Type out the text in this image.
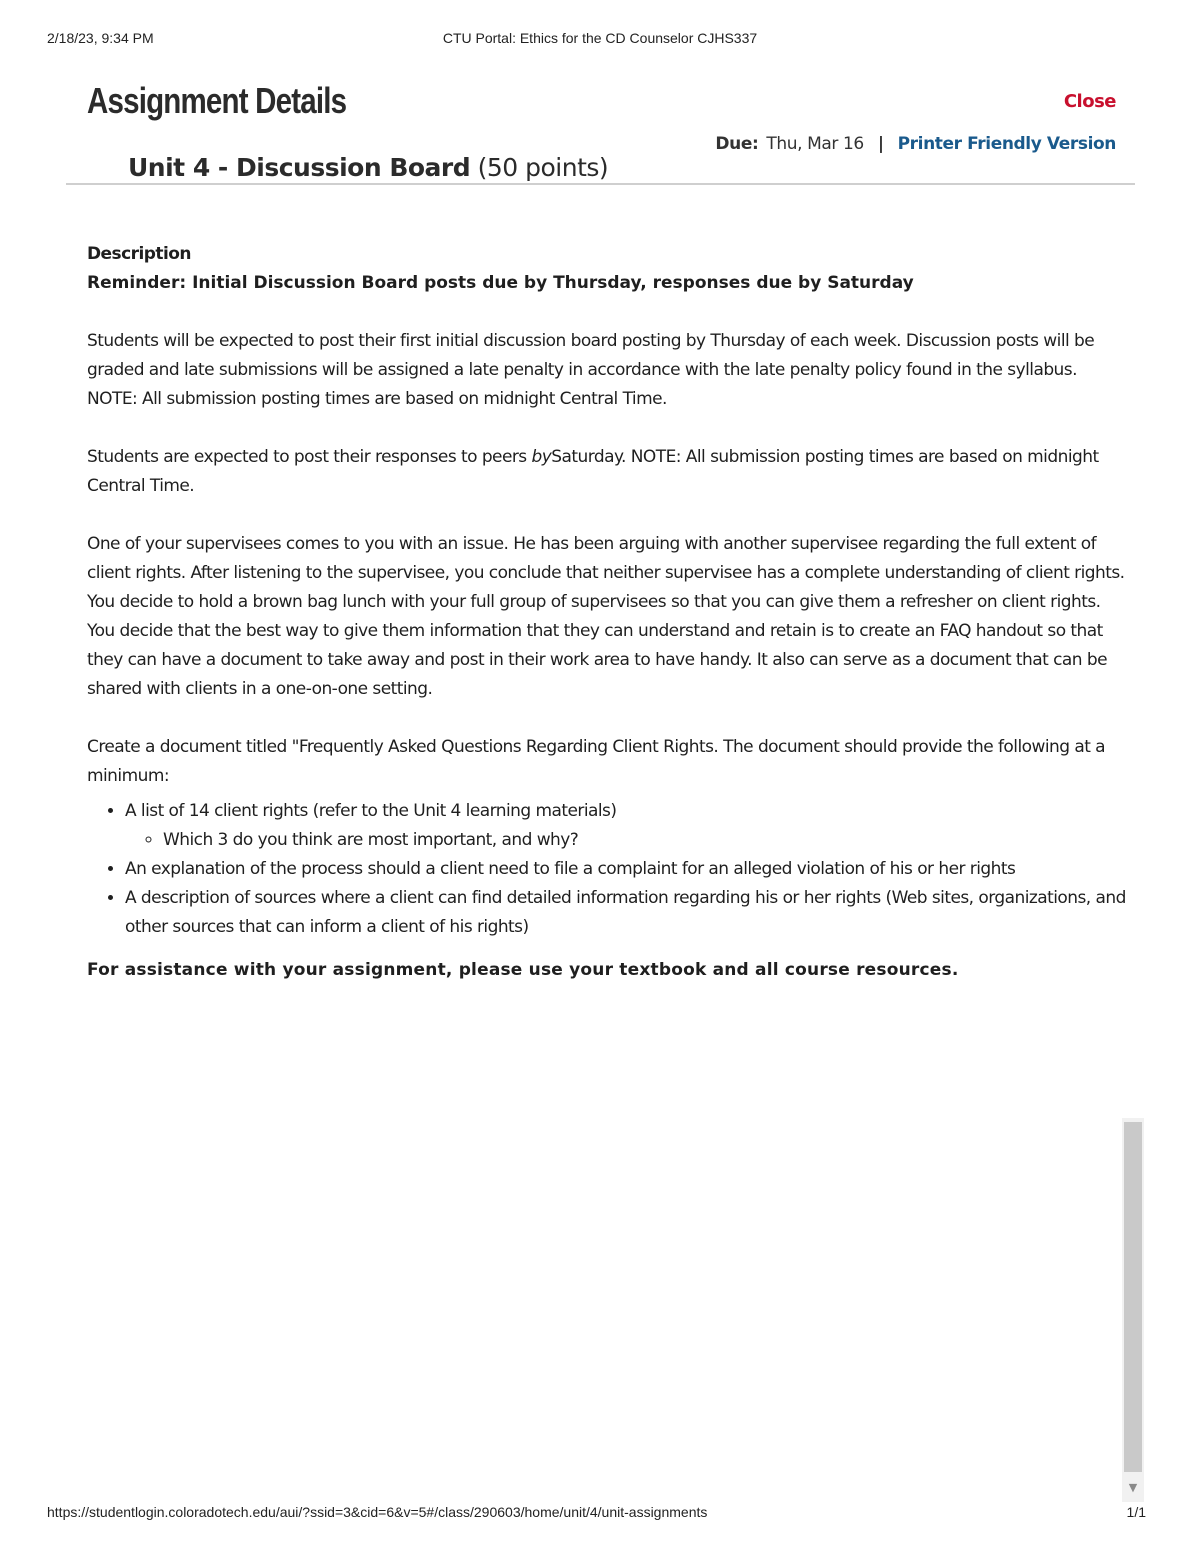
2/18/23, 9:34 PM	CTU Portal: Ethics for the CD Counselor CJHS337
Assignment Details	Close
Due: Thu, Mar 16 | Printer Friendly Version
Unit 4 - Discussion Board (50 points)

Description

Reminder: Initial Discussion Board posts due by Thursday, responses due by Saturday

Students will be expected to post their first initial discussion board posting by Thursday of each week. Discussion posts will be graded and late submissions will be assigned a late penalty in accordance with the late penalty policy found in the syllabus. NOTE: All submission posting times are based on midnight Central Time.

Students are expected to post their responses to peers bySaturday. NOTE: All submission posting times are based on midnight Central Time.

One of your supervisees comes to you with an issue. He has been arguing with another supervisee regarding the full extent of client rights. After listening to the supervisee, you conclude that neither supervisee has a complete understanding of client rights. You decide to hold a brown bag lunch with your full group of supervisees so that you can give them a refresher on client rights.

You decide that the best way to give them information that they can understand and retain is to create an FAQ handout so that they can have a document to take away and post in their work area to have handy. It also can serve as a document that can be shared with clients in a one-on-one setting.

Create a document titled "Frequently Asked Questions Regarding Client Rights. The document should provide the following at a minimum:

• A list of 14 client rights (refer to the Unit 4 learning materials)
◦ Which 3 do you think are most important, and why?
• An explanation of the process should a client need to file a complaint for an alleged violation of his or her rights
• A description of sources where a client can find detailed information regarding his or her rights (Web sites, organizations, and other sources that can inform a client of his rights)

For assistance with your assignment, please use your textbook and all course resources.

▼
https://studentlogin.coloradotech.edu/aui/?ssid=3&cid=6&v=5#/class/290603/home/unit/4/unit-assignments	1/1
